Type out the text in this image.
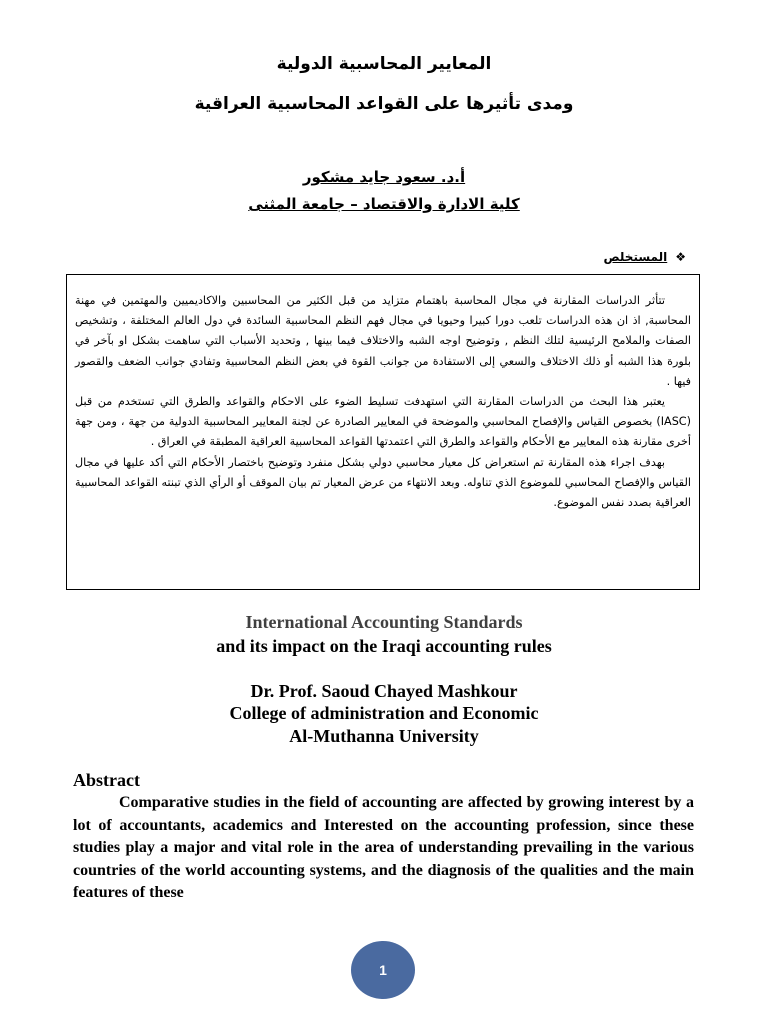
المعايير المحاسبية الدولية
ومدى تأثيرها على القواعد المحاسبية العراقية
أ.د. سعود جايد مشكور
كلية الادارة والاقتصاد – جامعة المثنى
❖المستخلص

تتأثر الدراسات المقارنة في مجال المحاسبة باهتمام متزايد من قبل الكثير من المحاسبين والاكاديميين والمهتمين في مهنة المحاسبة, اذ ان هذه الدراسات تلعب دورا كبيرا وحيويا في مجال فهم النظم المحاسبية السائدة في دول العالم المختلفة ، وتشخيص الصفات والملامح الرئيسية لتلك النظم , وتوضيح اوجه الشبه والاختلاف فيما بينها , وتحديد الأسباب التي ساهمت بشكل او بآخر في بلورة هذا الشبه أو ذلك الاختلاف والسعي إلى الاستفادة من جوانب القوة في بعض النظم المحاسبية وتفادي جوانب الضعف والقصور فيها .

يعتبر هذا البحث من الدراسات المقارنة التي استهدفت تسليط الضوء على الاحكام والقواعد والطرق التي تستخدم من قبل (IASC) بخصوص القياس والإفصاح المحاسبي والموضحة في المعايير الصادرة عن لجنة المعايير المحاسبية الدولية من جهة ، ومن جهة أخرى مقارنة هذه المعايير مع الأحكام والقواعد والطرق التي اعتمدتها القواعد المحاسبية العراقية المطبقة في العراق .

بهدف اجراء هذه المقارنة تم استعراض كل معيار محاسبي دولي بشكل منفرد وتوضيح باختصار الأحكام التي أكد عليها في مجال القياس والإفصاح المحاسبي للموضوع الذي تناوله. وبعد الانتهاء من عرض المعيار تم بيان الموقف أو الرأي الذي تبنته القواعد المحاسبية العراقية بصدد نفس الموضوع.

International Accounting Standards
and its impact on the Iraqi accounting rules
Dr. Prof. Saoud Chayed Mashkour
College of administration and Economic
Al-Muthanna University
Abstract

Comparative studies in the field of accounting are affected by growing interest by a lot of accountants, academics and Interested on the accounting profession, since these studies play a major and vital role in the area of understanding prevailing in the various countries of the world accounting systems, and the diagnosis of the qualities and the main features of these

1
